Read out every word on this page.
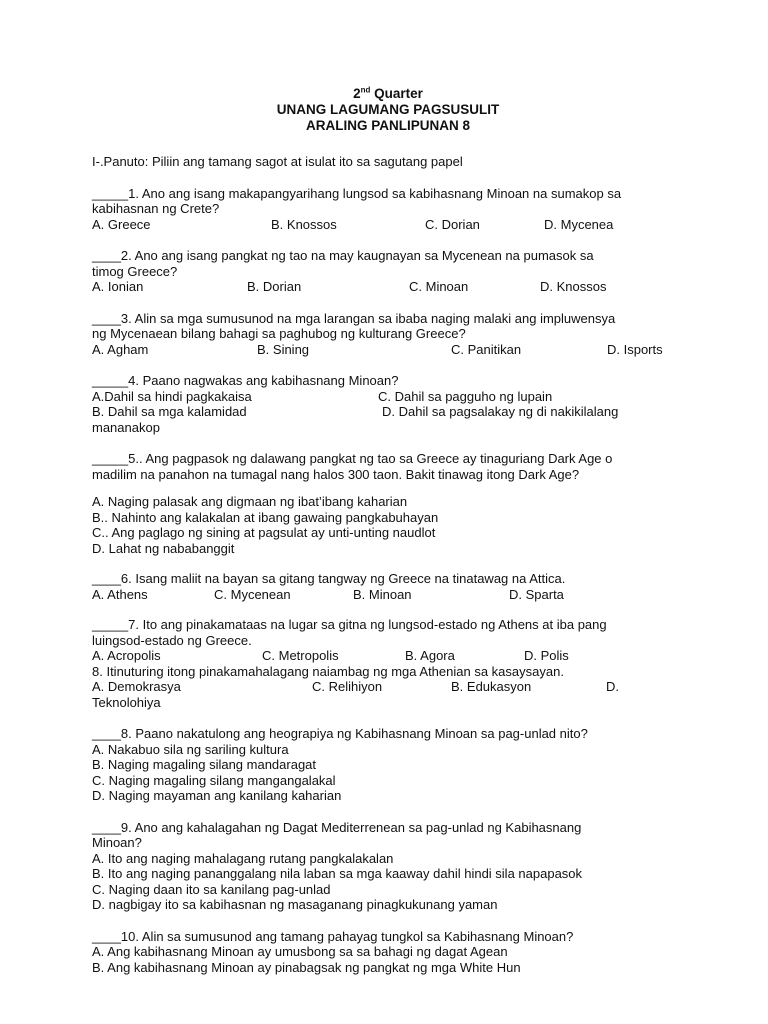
2nd Quarter
UNANG LAGUMANG PAGSUSULIT
ARALING PANLIPUNAN 8
I-.Panuto: Piliin ang tamang sagot at isulat ito sa sagutang papel
_____1. Ano ang isang makapangyarihang lungsod sa kabihasnang Minoan na sumakop sa
kabihasnan ng Crete?
A. Greece	B. Knossos	C. Dorian	D. Mycenea
____2. Ano ang isang pangkat ng tao na may kaugnayan sa Mycenean na pumasok sa
timog Greece?
A. Ionian	B. Dorian	C. Minoan	D. Knossos
____3. Alin sa mga sumusunod na mga larangan sa ibaba naging malaki ang impluwensya
ng Mycenaean bilang bahagi sa paghubog ng kulturang Greece?
A. Agham	B. Sining	C. Panitikan	D. Isports
_____4. Paano nagwakas ang kabihasnang Minoan?
A.Dahil sa hindi pagkakaisa	C. Dahil sa pagguho ng lupain
B. Dahil sa mga kalamidad	D. Dahil sa pagsalakay ng di nakikilalang
mananakop
_____5.. Ang pagpasok ng dalawang pangkat ng tao sa Greece ay tinaguriang Dark Age o
madilim na panahon na tumagal nang halos 300 taon. Bakit tinawag itong Dark Age?
A. Naging palasak ang digmaan ng ibat’ibang kaharian
B.. Nahinto ang kalakalan at ibang gawaing pangkabuhayan
C.. Ang paglago ng sining at pagsulat ay unti-unting naudlot
D. Lahat ng nababanggit
____6. Isang maliit na bayan sa gitang tangway ng Greece na tinatawag na Attica.
A. Athens	C. Mycenean	B. Minoan	D. Sparta
_____7. Ito ang pinakamataas na lugar sa gitna ng lungsod-estado ng Athens at iba pang
luingsod-estado ng Greece.
A. Acropolis	C. Metropolis	B. Agora	D. Polis
8. Itinuturing itong pinakamahalagang naiambag ng mga Athenian sa kasaysayan.
A. Demokrasya	C. Relihiyon	B. Edukasyon	D.
Teknolohiya
____8. Paano nakatulong ang heograpiya ng Kabihasnang Minoan sa pag-unlad nito?
A. Nakabuo sila ng sariling kultura
B. Naging magaling silang mandaragat
C. Naging magaling silang mangangalakal
D. Naging mayaman ang kanilang kaharian
____9. Ano ang kahalagahan ng Dagat Mediterrenean sa pag-unlad ng Kabihasnang
Minoan?
A. Ito ang naging mahalagang rutang pangkalakalan
B. Ito ang naging pananggalang nila laban sa mga kaaway dahil hindi sila napapasok
C. Naging daan ito sa kanilang pag-unlad
D. nagbigay ito sa kabihasnan ng masaganang pinagkukunang yaman
____10. Alin sa sumusunod ang tamang pahayag tungkol sa Kabihasnang Minoan?
A. Ang kabihasnang Minoan ay umusbong sa sa bahagi ng dagat Agean
B. Ang kabihasnang Minoan ay pinabagsak ng pangkat ng mga White Hun
